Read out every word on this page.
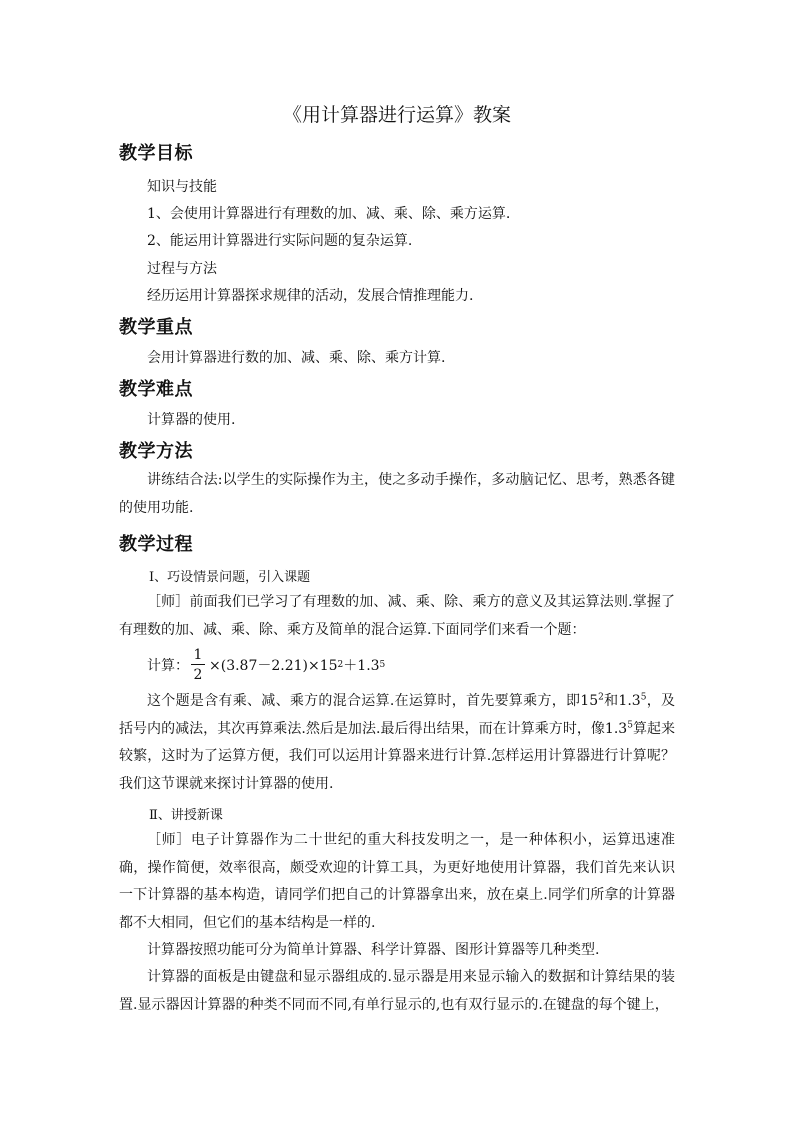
《用计算器进行运算》教案
教学目标
知识与技能
1、会使用计算器进行有理数的加、减、乘、除、乘方运算.
2、能运用计算器进行实际问题的复杂运算.
过程与方法
经历运用计算器探求规律的活动，发展合情推理能力.
教学重点
会用计算器进行数的加、减、乘、除、乘方计算.
教学难点
计算器的使用.
教学方法
讲练结合法:以学生的实际操作为主，使之多动手操作，多动脑记忆、思考，熟悉各键的使用功能.
教学过程
Ⅰ、巧设情景问题，引入课题
［师］前面我们已学习了有理数的加、减、乘、除、乘方的意义及其运算法则.掌握了有理数的加、减、乘、除、乘方及简单的混合运算.下面同学们来看一个题：
计算： $\frac{1}{2} \times(3.87-2.21)\times 15$ 2 ＋1.3 5
这个题是含有乘、减、乘方的混合运算.在运算时，首先要算乘方，即$15^2$和$1.3^5$，及括号内的减法，其次再算乘法.然后是加法.最后得出结果，而在计算乘方时，像$1.3^5$算起来较繁，这时为了运算方便，我们可以运用计算器来进行计算.怎样运用计算器进行计算呢？我们这节课就来探讨计算器的使用.
Ⅱ、讲授新课
［师］电子计算器作为二十世纪的重大科技发明之一，是一种体积小，运算迅速准确，操作简便，效率很高，颇受欢迎的计算工具，为更好地使用计算器，我们首先来认识一下计算器的基本构造，请同学们把自己的计算器拿出来，放在桌上.同学们所拿的计算器都不大相同，但它们的基本结构是一样的.
计算器按照功能可分为简单计算器、科学计算器、图形计算器等几种类型.
计算器的面板是由键盘和显示器组成的.显示器是用来显示输入的数据和计算结果的装置.显示器因计算器的种类不同而不同,有单行显示的,也有双行显示的.在键盘的每个键上，
